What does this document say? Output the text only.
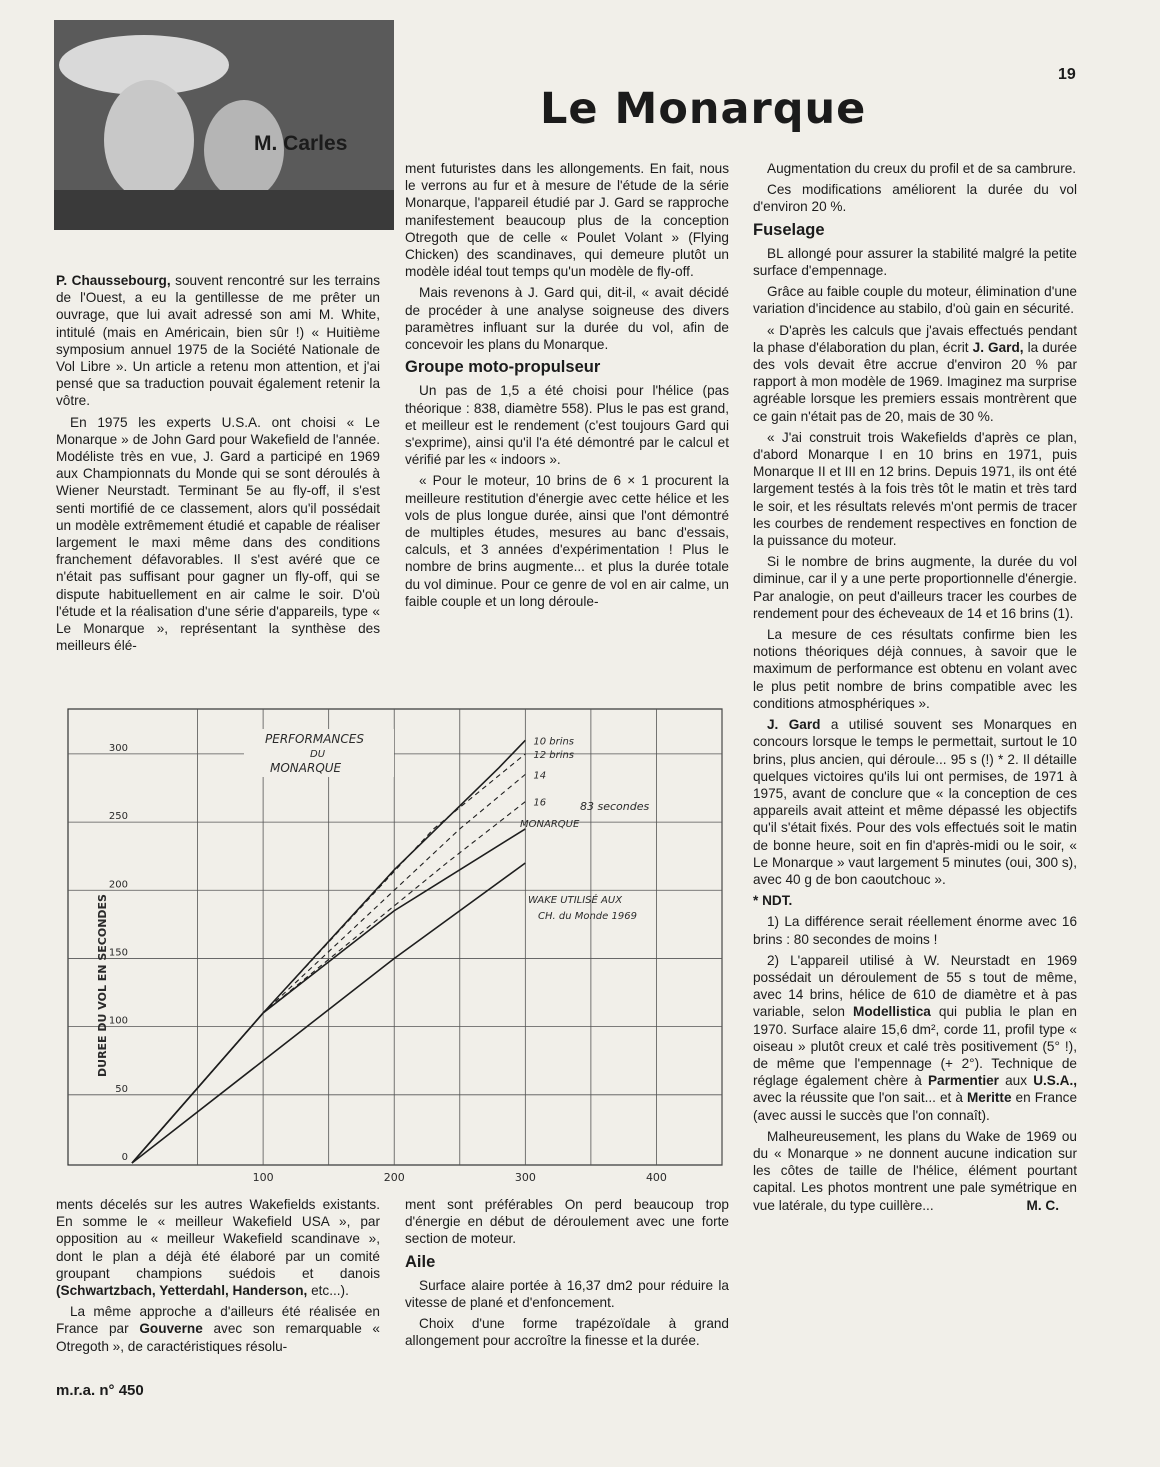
19
Le Monarque
M. Carles

P. Chaussebourg, souvent rencontré sur les terrains de l'Ouest, a eu la gentillesse de me prêter un ouvrage, que lui avait adressé son ami M. White, intitulé (mais en Américain, bien sûr !) « Huitième symposium annuel 1975 de la Société Nationale de Vol Libre ». Un article a retenu mon attention, et j'ai pensé que sa traduction pouvait également retenir la vôtre.

En 1975 les experts U.S.A. ont choisi « Le Monarque » de John Gard pour Wakefield de l'année. Modéliste très en vue, J. Gard a participé en 1969 aux Championnats du Monde qui se sont déroulés à Wiener Neurstadt. Terminant 5e au fly-off, il s'est senti mortifié de ce classement, alors qu'il possédait un modèle extrêmement étudié et capable de réaliser largement le maxi même dans des conditions franchement défavorables. Il s'est avéré que ce n'était pas suffisant pour gagner un fly-off, qui se dispute habituellement en air calme le soir. D'où l'étude et la réalisation d'une série d'appareils, type « Le Monarque », représentant la synthèse des meilleurs élé-

ment futuristes dans les allongements. En fait, nous le verrons au fur et à mesure de l'étude de la série Monarque, l'appareil étudié par J. Gard se rapproche manifestement beaucoup plus de la conception Otregoth que de celle « Poulet Volant » (Flying Chicken) des scandinaves, qui demeure plutôt un modèle idéal tout temps qu'un modèle de fly-off.

Mais revenons à J. Gard qui, dit-il, « avait décidé de procéder à une analyse soigneuse des divers paramètres influant sur la durée du vol, afin de concevoir les plans du Monarque.

Groupe moto-propulseur

Un pas de 1,5 a été choisi pour l'hélice (pas théorique : 838, diamètre 558). Plus le pas est grand, et meilleur est le rendement (c'est toujours Gard qui s'exprime), ainsi qu'il l'a été démontré par le calcul et vérifié par les « indoors ».

« Pour le moteur, 10 brins de 6 × 1 procurent la meilleure restitution d'énergie avec cette hélice et les vols de plus longue durée, ainsi que l'ont démontré de multiples études, mesures au banc d'essais, calculs, et 3 années d'expérimentation ! Plus le nombre de brins augmente... et plus la durée totale du vol diminue. Pour ce genre de vol en air calme, un faible couple et un long déroule-

Augmentation du creux du profil et de sa cambrure.

Ces modifications améliorent la durée du vol d'environ 20 %.

Fuselage

BL allongé pour assurer la stabilité malgré la petite surface d'empennage.

Grâce au faible couple du moteur, élimination d'une variation d'incidence au stabilo, d'où gain en sécurité.

« D'après les calculs que j'avais effectués pendant la phase d'élaboration du plan, écrit J. Gard, la durée des vols devait être accrue d'environ 20 % par rapport à mon modèle de 1969. Imaginez ma surprise agréable lorsque les premiers essais montrèrent que ce gain n'était pas de 20, mais de 30 %.

« J'ai construit trois Wakefields d'après ce plan, d'abord Monarque I en 10 brins en 1971, puis Monarque II et III en 12 brins. Depuis 1971, ils ont été largement testés à la fois très tôt le matin et très tard le soir, et les résultats relevés m'ont permis de tracer les courbes de rendement respectives en fonction de la puissance du moteur.

Si le nombre de brins augmente, la durée du vol diminue, car il y a une perte proportionnelle d'énergie. Par analogie, on peut d'ailleurs tracer les courbes de rendement pour des écheveaux de 14 et 16 brins (1).

La mesure de ces résultats confirme bien les notions théoriques déjà connues, à savoir que le maximum de performance est obtenu en volant avec le plus petit nombre de brins compatible avec les conditions atmosphériques ».

J. Gard a utilisé souvent ses Monarques en concours lorsque le temps le permettait, surtout le 10 brins, plus ancien, qui déroule... 95 s (!) * 2. Il détaille quelques victoires qu'ils lui ont permises, de 1971 à 1975, avant de conclure que « la conception de ces appareils avait atteint et même dépassé les objectifs qu'il s'était fixés. Pour des vols effectués soit le matin de bonne heure, soit en fin d'après-midi ou le soir, « Le Monarque » vaut largement 5 minutes (oui, 300 s), avec 40 g de bon caoutchouc ».

* NDT.

1) La différence serait réellement énorme avec 16 brins : 80 secondes de moins !

2) L'appareil utilisé à W. Neurstadt en 1969 possédait un déroulement de 55 s tout de même, avec 14 brins, hélice de 610 de diamètre et à pas variable, selon Modellistica qui publia le plan en 1970. Surface alaire 15,6 dm², corde 11, profil type « oiseau » plutôt creux et calé très positivement (5° !), de même que l'empennage (+ 2°). Technique de réglage également chère à Parmentier aux U.S.A., avec la réussite que l'on sait... et à Meritte en France (avec aussi le succès que l'on connaît).

Malheureusement, les plans du Wake de 1969 ou du « Monarque » ne donnent aucune indication sur les côtes de taille de l'hélice, élément pourtant capital. Les photos montrent une pale symétrique en vue latérale, du type cuillère...	M. C.

ments décelés sur les autres Wakefields existants. En somme le « meilleur Wakefield USA », par opposition au « meilleur Wakefield scandinave », dont le plan a déjà été élaboré par un comité groupant champions suédois et danois (Schwartzbach, Yetterdahl, Handerson, etc...).

La même approche a d'ailleurs été réalisée en France par Gouverne avec son remarquable « Otregoth », de caractéristiques résolu-

ment sont préférables On perd beaucoup trop d'énergie en début de déroulement avec une forte section de moteur.

Aile

Surface alaire portée à 16,37 dm2 pour réduire la vitesse de plané et d'enfoncement.

Choix d'une forme trapézoïdale à grand allongement pour accroître la finesse et la durée.

m.r.a. n° 450
0
50
100
150
200
250
300
100	200	300	400
PERFORMANCES
DU
MONARQUE
DUREE DU VOL EN SECONDES
83 secondes
MONARQUE
WAKE UTILISÉ AUX
CH. du Monde 1969
10 brins
12 brins
14
16
